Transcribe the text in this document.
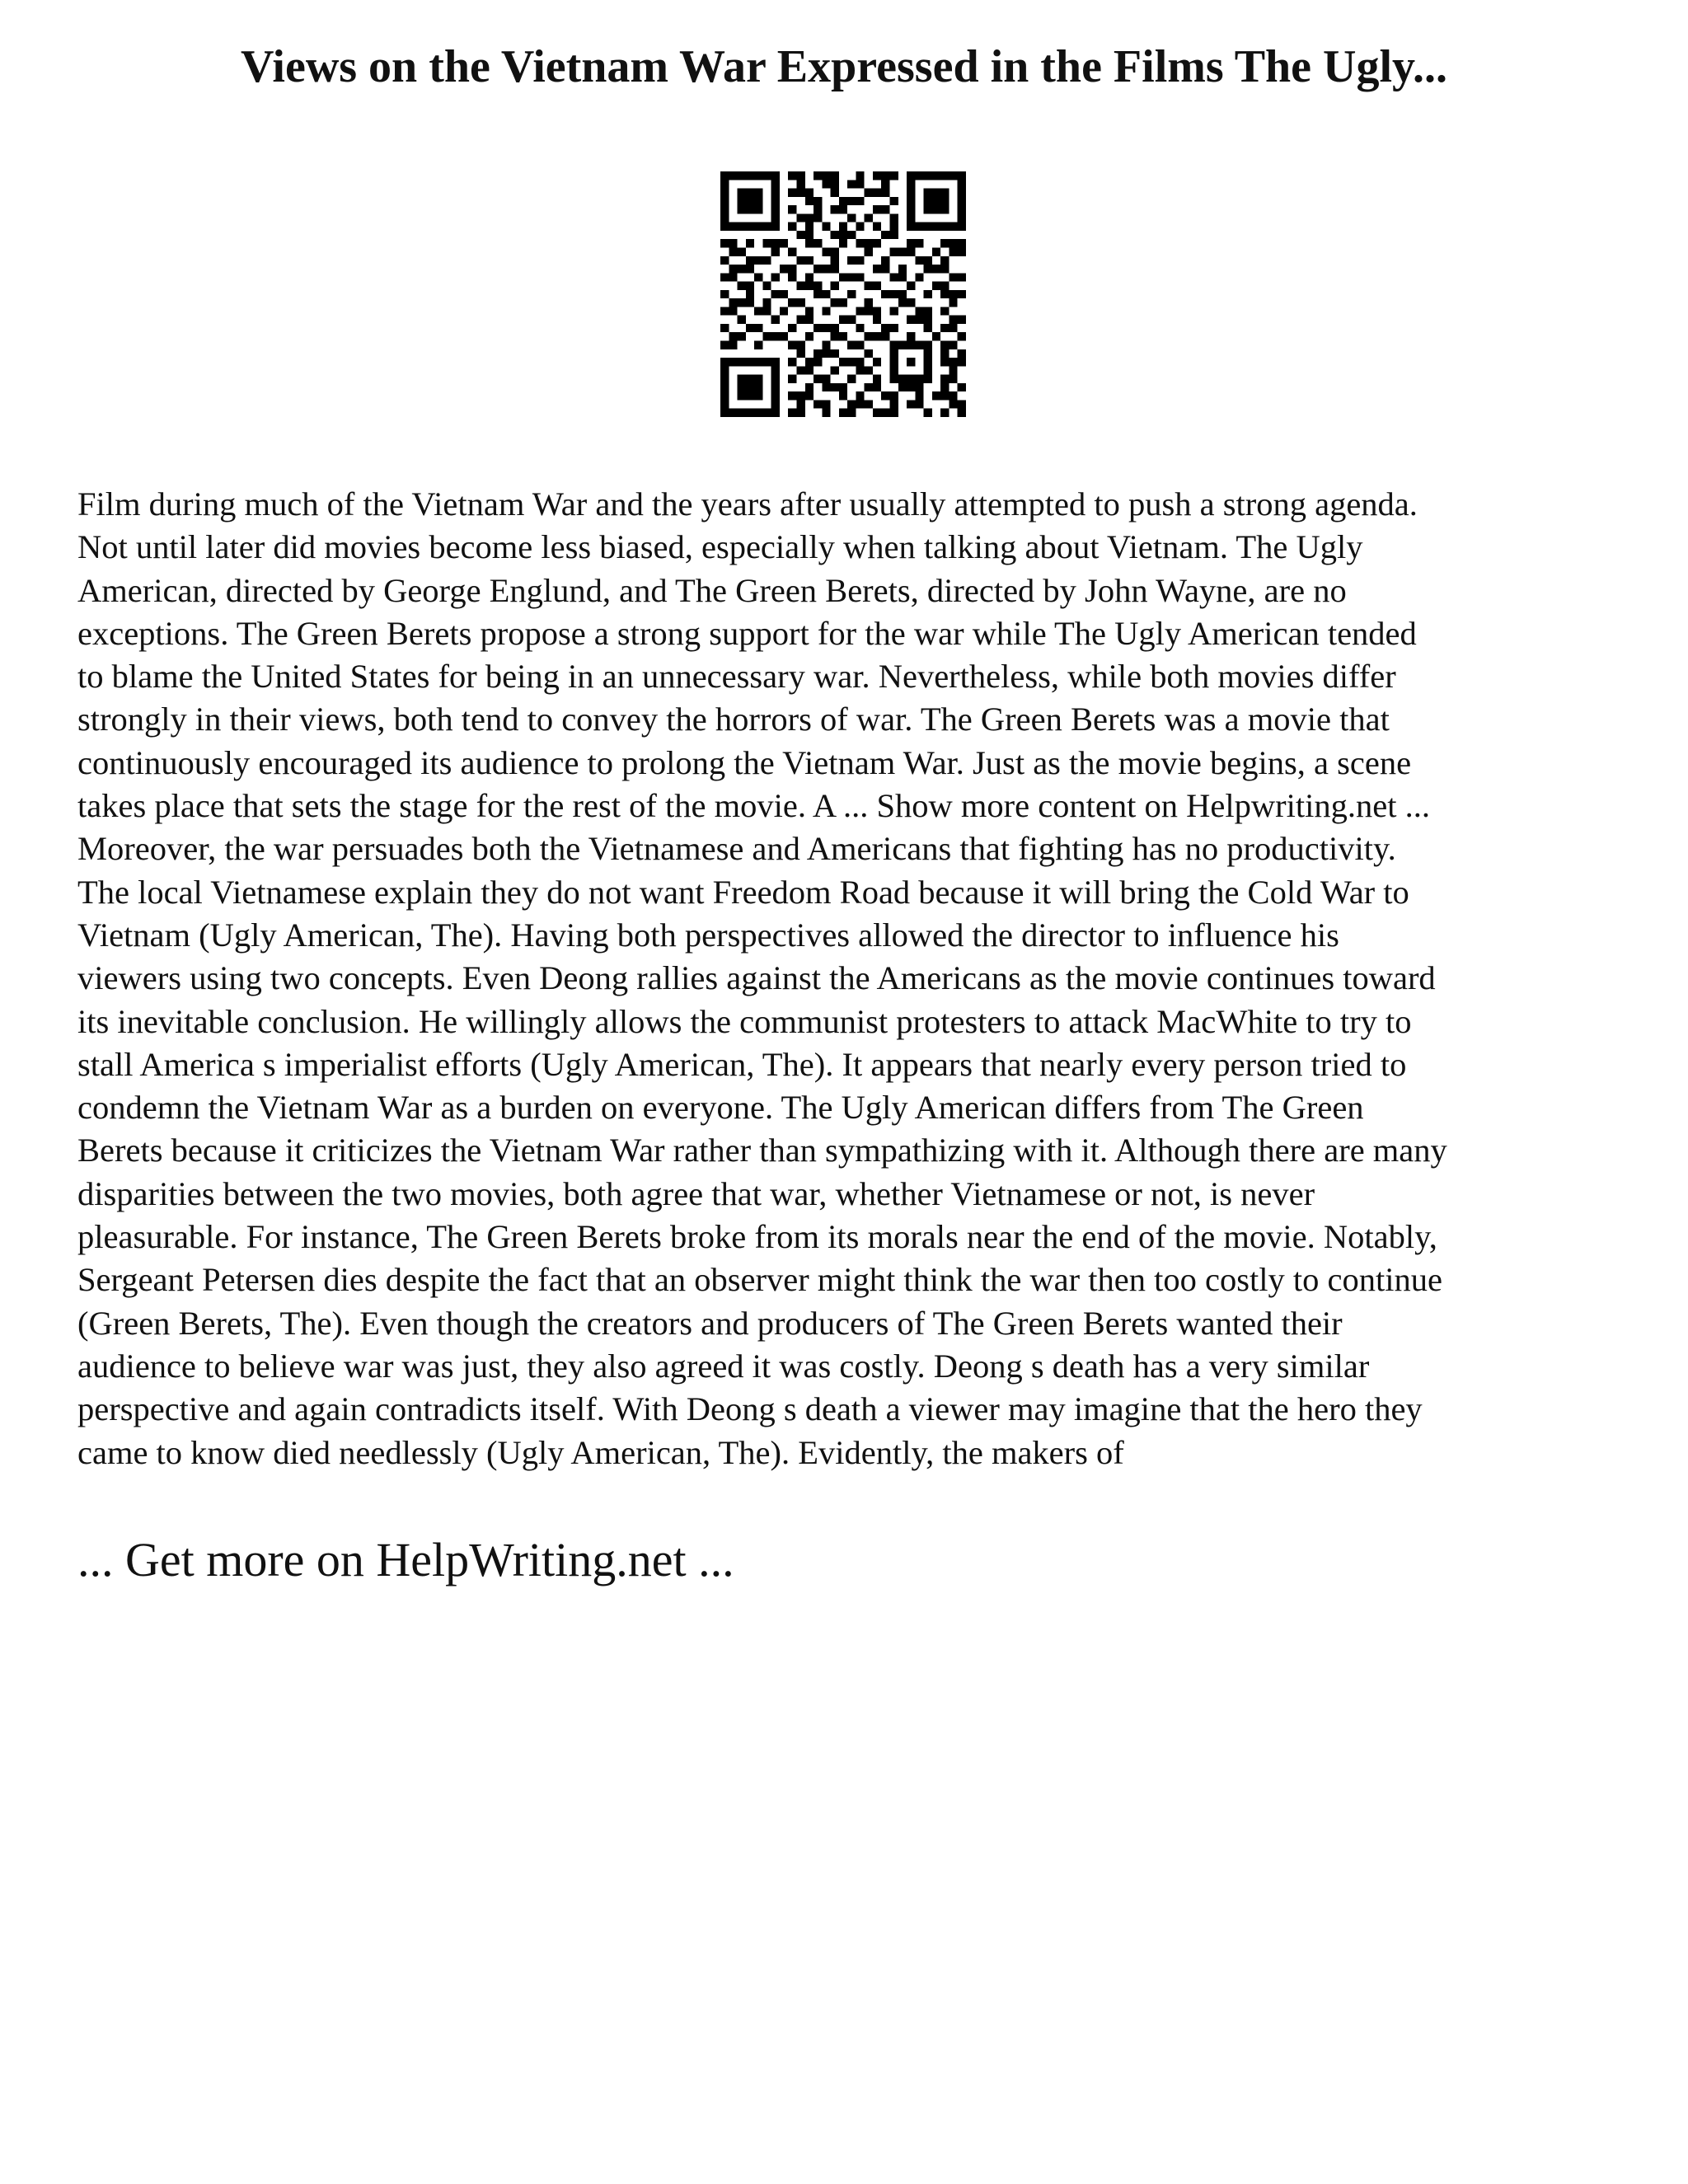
Views on the Vietnam War Expressed in the Films The Ugly...
Film during much of the Vietnam War and the years after usually attempted to push a strong agenda.
Not until later did movies become less biased, especially when talking about Vietnam. The Ugly
American, directed by George Englund, and The Green Berets, directed by John Wayne, are no
exceptions. The Green Berets propose a strong support for the war while The Ugly American tended
to blame the United States for being in an unnecessary war. Nevertheless, while both movies differ
strongly in their views, both tend to convey the horrors of war. The Green Berets was a movie that
continuously encouraged its audience to prolong the Vietnam War. Just as the movie begins, a scene
takes place that sets the stage for the rest of the movie. A ... Show more content on Helpwriting.net ...
Moreover, the war persuades both the Vietnamese and Americans that fighting has no productivity.
The local Vietnamese explain they do not want Freedom Road because it will bring the Cold War to
Vietnam (Ugly American, The). Having both perspectives allowed the director to influence his
viewers using two concepts. Even Deong rallies against the Americans as the movie continues toward
its inevitable conclusion. He willingly allows the communist protesters to attack MacWhite to try to
stall America s imperialist efforts (Ugly American, The). It appears that nearly every person tried to
condemn the Vietnam War as a burden on everyone. The Ugly American differs from The Green
Berets because it criticizes the Vietnam War rather than sympathizing with it. Although there are many
disparities between the two movies, both agree that war, whether Vietnamese or not, is never
pleasurable. For instance, The Green Berets broke from its morals near the end of the movie. Notably,
Sergeant Petersen dies despite the fact that an observer might think the war then too costly to continue
(Green Berets, The). Even though the creators and producers of The Green Berets wanted their
audience to believe war was just, they also agreed it was costly. Deong s death has a very similar
perspective and again contradicts itself. With Deong s death a viewer may imagine that the hero they
came to know died needlessly (Ugly American, The). Evidently, the makers of
... Get more on HelpWriting.net ...
